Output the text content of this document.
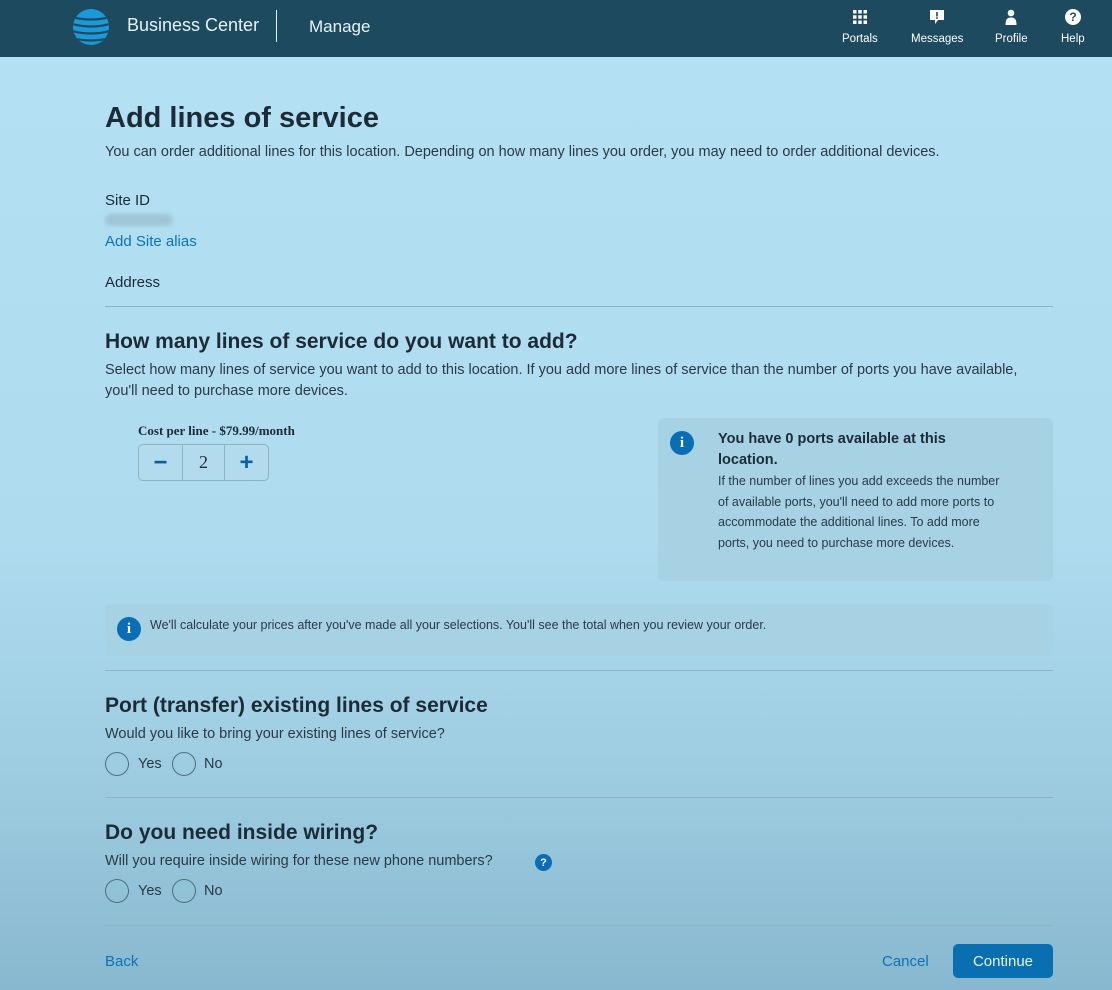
Business Center	Manage
Portals	Messages	Profile
?
Help
Add lines of service

You can order additional lines for this location. Depending on how many lines you order, you may need to order additional devices.

Site ID
Add Site alias
Address
How many lines of service do you want to add?

Select how many lines of service you want to add to this location. If you add more lines of service than the number of ports you have available, you'll need to purchase more devices.

Cost per line - $79.99/month
−	2	+
i	You have 0 ports available at this location.
If the number of lines you add exceeds the number of available ports, you'll need to add more ports to accommodate the additional lines. To add more ports, you need to purchase more devices.
i	We'll calculate your prices after you've made all your selections. You'll see the total when you review your order.
Port (transfer) existing lines of service

Would you like to bring your existing lines of service?

Yes	No
Do you need inside wiring?

Will you require inside wiring for these new phone numbers?	?
Yes	No
Back	Cancel	Continue
